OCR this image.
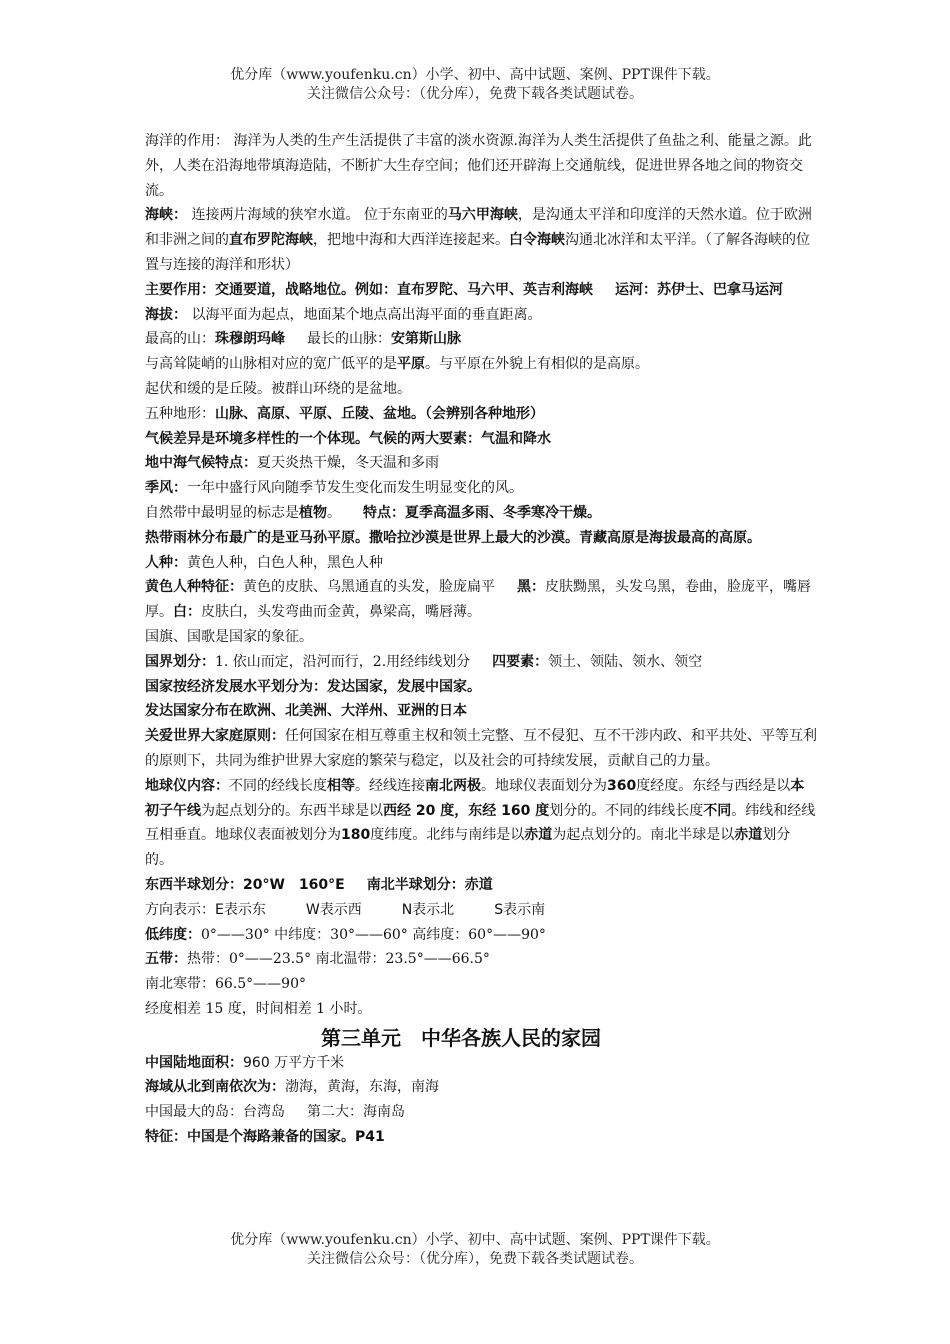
优分库（www.youfenku.cn）小学、初中、高中试题、案例、PPT课件下载。
关注微信公众号：（优分库），免费下载各类试题试卷。

海洋的作用： 海洋为人类的生产生活提供了丰富的淡水资源.海洋为人类生活提供了鱼盐之利、能量之源。此外，人类在沿海地带填海造陆，不断扩大生存空间；他们还开辟海上交通航线，促进世界各地之间的物资交流。

海峡： 连接两片海域的狭窄水道。 位于东南亚的马六甲海峡，是沟通太平洋和印度洋的天然水道。位于欧洲和非洲之间的直布罗陀海峡，把地中海和大西洋连接起来。白令海峡沟通北冰洋和太平洋。（了解各海峡的位置与连接的海洋和形状）

主要作用：交通要道，战略地位。例如：直布罗陀、马六甲、英吉利海峡 运河：苏伊士、巴拿马运河

海拔： 以海平面为起点，地面某个地点高出海平面的垂直距离。

最高的山：珠穆朗玛峰 最长的山脉：安第斯山脉

与高耸陡峭的山脉相对应的宽广低平的是平原。与平原在外貌上有相似的是高原。

起伏和缓的是丘陵。被群山环绕的是盆地。

五种地形：山脉、高原、平原、丘陵、盆地。（会辨别各种地形）

气候差异是环境多样性的一个体现。气候的两大要素：气温和降水

地中海气候特点：夏天炎热干燥，冬天温和多雨

季风：一年中盛行风向随季节发生变化而发生明显变化的风。

自然带中最明显的标志是植物。 特点：夏季高温多雨、冬季寒冷干燥。

热带雨林分布最广的是亚马孙平原。撒哈拉沙漠是世界上最大的沙漠。青藏高原是海拔最高的高原。

人种：黄色人种，白色人种，黑色人种

黄色人种特征：黄色的皮肤、乌黑通直的头发，脸庞扁平 黑：皮肤黝黑，头发乌黑，卷曲，脸庞平，嘴唇厚。白：皮肤白，头发弯曲而金黄，鼻梁高，嘴唇薄。

国旗、国歌是国家的象征。

国界划分：1. 依山而定，沿河而行，2.用经纬线划分 四要素：领土、领陆、领水、领空

国家按经济发展水平划分为：发达国家，发展中国家。

发达国家分布在欧洲、北美洲、大洋州、亚洲的日本

关爱世界大家庭原则：任何国家在相互尊重主权和领土完整、互不侵犯、互不干涉内政、和平共处、平等互利的原则下，共同为维护世界大家庭的繁荣与稳定，以及社会的可持续发展，贡献自己的力量。

地球仪内容：不同的经线长度相等。经线连接南北两极。地球仪表面划分为360度经度。东经与西经是以本初子午线为起点划分的。东西半球是以西经 20 度，东经 160 度划分的。不同的纬线长度不同。纬线和经线互相垂直。地球仪表面被划分为180度纬度。北纬与南纬是以赤道为起点划分的。南北半球是以赤道划分的。

东西半球划分：20°W　160°E 南北半球划分：赤道

方向表示：E表示东	W表示西	N表示北	S表示南

低纬度：0°——30° 中纬度：30°——60° 高纬度：60°——90°

五带：热带：0°——23.5° 南北温带：23.5°——66.5°

南北寒带：66.5°——90°

经度相差 15 度，时间相差 1 小时。

第三单元　中华各族人民的家园

中国陆地面积：960 万平方千米

海域从北到南依次为：渤海，黄海，东海，南海

中国最大的岛：台湾岛 第二大：海南岛

特征：中国是个海路兼备的国家。P41

优分库（www.youfenku.cn）小学、初中、高中试题、案例、PPT课件下载。
关注微信公众号：（优分库），免费下载各类试题试卷。
